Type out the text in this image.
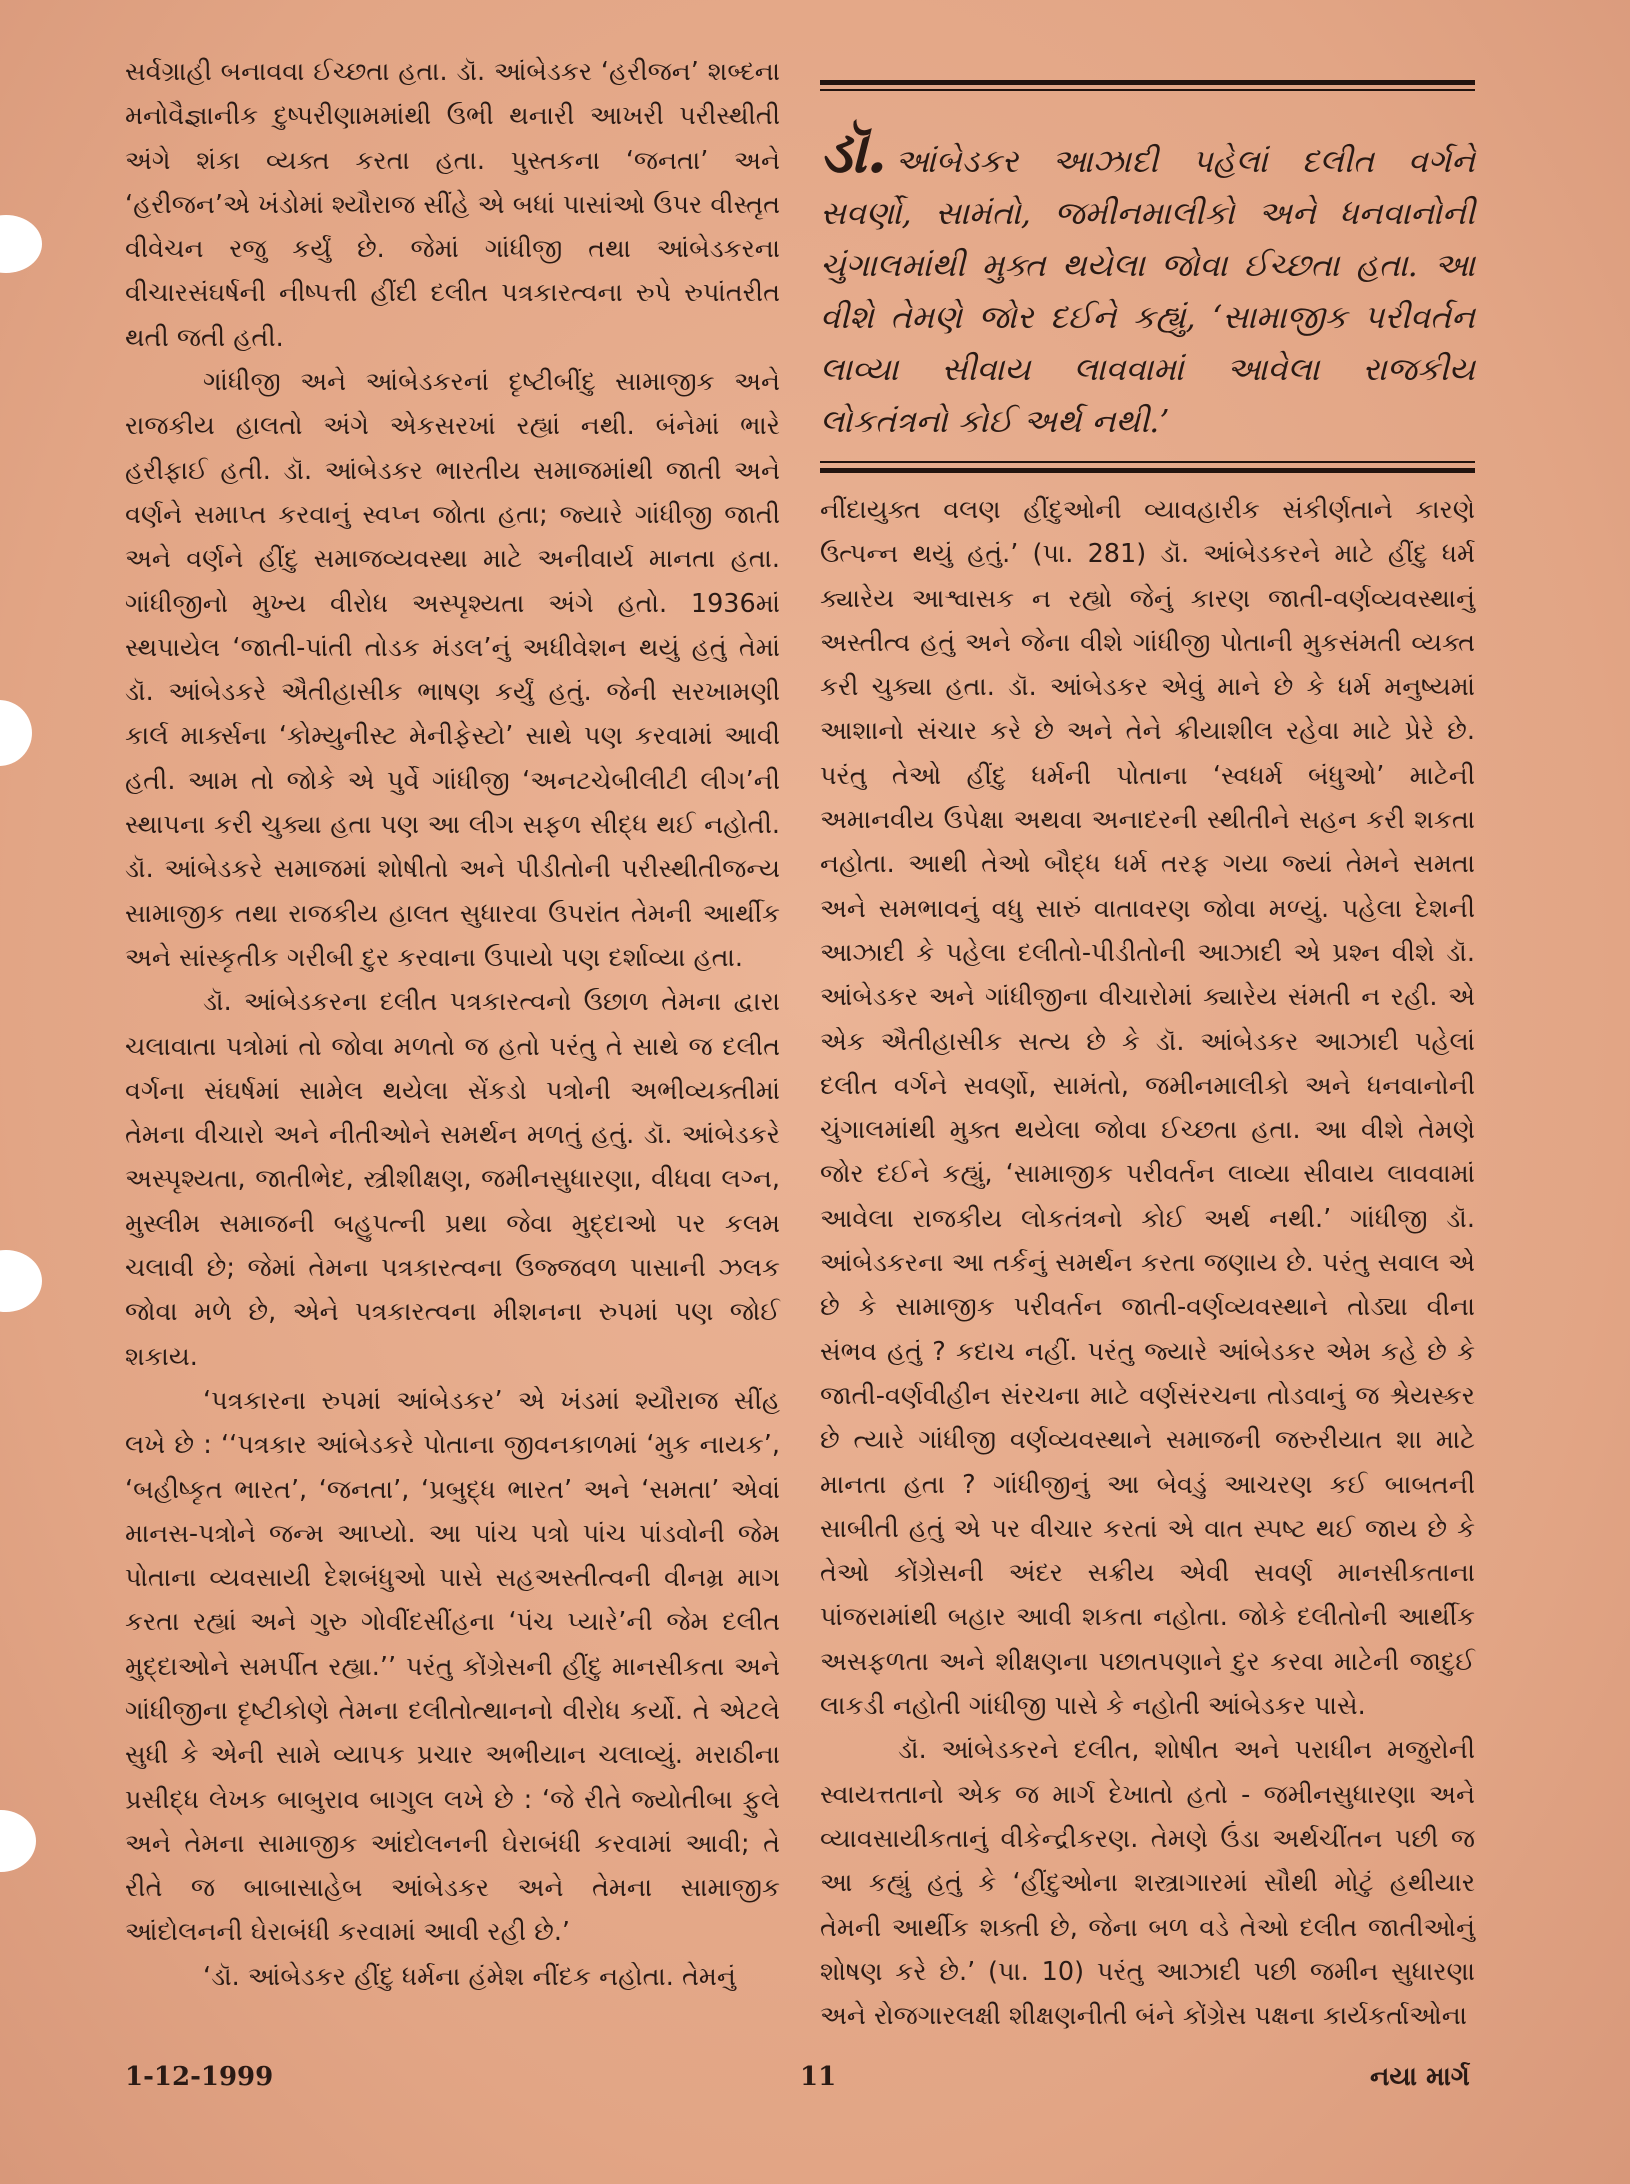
સર્વગ્રાહી બનાવવા ઈચ્છતા હતા. ડૉ. આંબેડકર ‘હરીજન’ શબ્દના મનોવૈજ્ઞાનીક દુષ્પરીણામમાંથી ઉભી થનારી આખરી પરીસ્થીતી અંગે શંકા વ્યક્ત કરતા હતા. પુસ્તકના ‘જનતા’ અને ‘હરીજન’એ ખંડોમાં શ્યૌરાજ સીંહે એ બધાં પાસાંઓ ઉપર વીસ્તૃત વીવેચન રજુ કર્યું છે. જેમાં ગાંધીજી તથા આંબેડકરના વીચારસંઘર્ષની નીષ્પત્તી હીંદી દલીત પત્રકારત્વના રુપે રુપાંતરીત થતી જતી હતી.

ગાંધીજી અને આંબેડકરનાં દૃષ્ટીબીંદુ સામાજીક અને રાજકીય હાલતો અંગે એકસરખાં રહ્યાં નથી. બંનેમાં ભારે હરીફાઈ હતી. ડૉ. આંબેડકર ભારતીય સમાજમાંથી જાતી અને વર્ણને સમાપ્ત કરવાનું સ્વપ્ન જોતા હતા; જ્યારે ગાંધીજી જાતી અને વર્ણને હીંદુ સમાજવ્યવસ્થા માટે અનીવાર્ય માનતા હતા. ગાંધીજીનો મુખ્ય વીરોધ અસ્પૃશ્યતા અંગે હતો. 1936માં સ્થપાયેલ ‘જાતી-પાંતી તોડક મંડલ’નું અધીવેશન થયું હતું તેમાં ડૉ. આંબેડકરે ઐતીહાસીક ભાષણ કર્યું હતું. જેની સરખામણી કાર્લ માર્ક્સના ‘કોમ્યુનીસ્ટ મેનીફેસ્ટો’ સાથે પણ કરવામાં આવી હતી. આમ તો જોકે એ પુર્વે ગાંધીજી ‘અનટચેબીલીટી લીગ’ની સ્થાપના કરી ચુક્યા હતા પણ આ લીગ સફળ સીદ્ધ થઈ નહોતી. ડૉ. આંબેડકરે સમાજમાં શોષીતો અને પીડીતોની પરીસ્થીતીજન્ય સામાજીક તથા રાજકીય હાલત સુધારવા ઉપરાંત તેમની આર્થીક અને સાંસ્કૃતીક ગરીબી દુર કરવાના ઉપાયો પણ દર્શાવ્યા હતા.

ડૉ. આંબેડકરના દલીત પત્રકારત્વનો ઉછાળ તેમના દ્વારા ચલાવાતા પત્રોમાં તો જોવા મળતો જ હતો પરંતુ તે સાથે જ દલીત વર્ગના સંઘર્ષમાં સામેલ થયેલા સેંકડો પત્રોની અભીવ્યક્તીમાં તેમના વીચારો અને નીતીઓને સમર્થન મળતું હતું. ડૉ. આંબેડકરે અસ્પૃશ્યતા, જાતીભેદ, સ્ત્રીશીક્ષણ, જમીનસુધારણા, વીધવા લગ્ન, મુસ્લીમ સમાજની બહુપત્ની પ્રથા જેવા મુદ્દાઓ પર કલમ ચલાવી છે; જેમાં તેમના પત્રકારત્વના ઉજ્જવળ પાસાની ઝલક જોવા મળે છે, એને પત્રકારત્વના મીશનના રુપમાં પણ જોઈ શકાય.

‘પત્રકારના રુપમાં આંબેડકર’ એ ખંડમાં શ્યૌરાજ સીંહ લખે છે : ‘‘પત્રકાર આંબેડકરે પોતાના જીવનકાળમાં ‘મુક નાયક’, ‘બહીષ્કૃત ભારત’, ‘જનતા’, ‘પ્રબુદ્ધ ભારત’ અને ‘સમતા’ એવાં માનસ-પત્રોને જન્મ આપ્યો. આ પાંચ પત્રો પાંચ પાંડવોની જેમ પોતાના વ્યવસાયી દેશબંધુઓ પાસે સહઅસ્તીત્વની વીનમ્ર માગ કરતા રહ્યાં અને ગુરુ ગોવીંદસીંહના ‘પંચ પ્યારે’ની જેમ દલીત મુદ્દાઓને સમર્પીત રહ્યા.’’ પરંતુ કોંગ્રેસની હીંદુ માનસીકતા અને ગાંધીજીના દૃષ્ટીકોણે તેમના દલીતોત્થાનનો વીરોધ કર્યો. તે એટલે સુધી કે એની સામે વ્યાપક પ્રચાર અભીયાન ચલાવ્યું. મરાઠીના પ્રસીદ્ધ લેખક બાબુરાવ બાગુલ લખે છે : ‘જે રીતે જ્યોતીબા ફુલે અને તેમના સામાજીક આંદોલનની ઘેરાબંધી કરવામાં આવી; તે રીતે જ બાબાસાહેબ આંબેડકર અને તેમના સામાજીક આંદોલનની ઘેરાબંધી કરવામાં આવી રહી છે.’

‘ડૉ. આંબેડકર હીંદુ ધર્મના હંમેશ નીંદક નહોતા. તેમનું

ડૉ. આંબેડકર આઝાદી પહેલાં દલીત વર્ગને સવર્ણો, સામંતો, જમીનમાલીકો અને ધનવાનોની ચુંગાલમાંથી મુક્ત થયેલા જોવા ઈચ્છતા હતા. આ વીશે તેમણે જોર દઈને કહ્યું, ‘સામાજીક પરીવર્તન લાવ્યા સીવાય લાવવામાં આવેલા રાજકીય લોકતંત્રનો કોઈ અર્થ નથી.’

નીંદાયુક્ત વલણ હીંદુઓની વ્યાવહારીક સંકીર્ણતાને કારણે ઉત્પન્ન થયું હતું.’ (પા. 281) ડૉ. આંબેડકરને માટે હીંદુ ધર્મ ક્યારેય આશ્વાસક ન રહ્યો જેનું કારણ જાતી-વર્ણવ્યવસ્થાનું અસ્તીત્વ હતું અને જેના વીશે ગાંધીજી પોતાની મુકસંમતી વ્યક્ત કરી ચુક્યા હતા. ડૉ. આંબેડકર એવું માને છે કે ધર્મ મનુષ્યમાં આશાનો સંચાર કરે છે અને તેને ક્રીયાશીલ રહેવા માટે પ્રેરે છે. પરંતુ તેઓ હીંદુ ધર્મની પોતાના ‘સ્વધર્મ બંધુઓ’ માટેની અમાનવીય ઉપેક્ષા અથવા અનાદરની સ્થીતીને સહન કરી શકતા નહોતા. આથી તેઓ બૌદ્ધ ધર્મ તરફ ગયા જ્યાં તેમને સમતા અને સમભાવનું વધુ સારું વાતાવરણ જોવા મળ્યું. પહેલા દેશની આઝાદી કે પહેલા દલીતો-પીડીતોની આઝાદી એ પ્રશ્ન વીશે ડૉ. આંબેડકર અને ગાંધીજીના વીચારોમાં ક્યારેય સંમતી ન રહી. એ એક ઐતીહાસીક સત્ય છે કે ડૉ. આંબેડકર આઝાદી પહેલાં દલીત વર્ગને સવર્ણો, સામંતો, જમીનમાલીકો અને ધનવાનોની ચુંગાલમાંથી મુક્ત થયેલા જોવા ઈચ્છતા હતા. આ વીશે તેમણે જોર દઈને કહ્યું, ‘સામાજીક પરીવર્તન લાવ્યા સીવાય લાવવામાં આવેલા રાજકીય લોકતંત્રનો કોઈ અર્થ નથી.’ ગાંધીજી ડૉ. આંબેડકરના આ તર્કનું સમર્થન કરતા જણાય છે. પરંતુ સવાલ એ છે કે સામાજીક પરીવર્તન જાતી-વર્ણવ્યવસ્થાને તોડ્યા વીના સંભવ હતું ? કદાચ નહીં. પરંતુ જ્યારે આંબેડકર એમ કહે છે કે જાતી-વર્ણવીહીન સંરચના માટે વર્ણસંરચના તોડવાનું જ શ્રેયસ્કર છે ત્યારે ગાંધીજી વર્ણવ્યવસ્થાને સમાજની જરુરીયાત શા માટે માનતા હતા ? ગાંધીજીનું આ બેવડું આચરણ કઈ બાબતની સાબીતી હતું એ પર વીચાર કરતાં એ વાત સ્પષ્ટ થઈ જાય છે કે તેઓ કોંગ્રેસની અંદર સક્રીય એવી સવર્ણ માનસીકતાના પાંજરામાંથી બહાર આવી શકતા નહોતા. જોકે દલીતોની આર્થીક અસફળતા અને શીક્ષણના પછાતપણાને દુર કરવા માટેની જાદુઈ લાકડી નહોતી ગાંધીજી પાસે કે નહોતી આંબેડકર પાસે.

ડૉ. આંબેડકરને દલીત, શોષીત અને પરાધીન મજુરોની સ્વાયત્તતાનો એક જ માર્ગ દેખાતો હતો - જમીનસુધારણા અને વ્યાવસાયીકતાનું વીકેન્દ્રીકરણ. તેમણે ઉંડા અર્થચીંતન પછી જ આ કહ્યું હતું કે ‘હીંદુઓના શસ્ત્રાગારમાં સૌથી મોટું હથીયાર તેમની આર્થીક શક્તી છે, જેના બળ વડે તેઓ દલીત જાતીઓનું શોષણ કરે છે.’ (પા. 10) પરંતુ આઝાદી પછી જમીન સુધારણા અને રોજગારલક્ષી શીક્ષણનીતી બંને કોંગ્રેસ પક્ષના કાર્યકર્તાઓના

1-12-1999	11	નયા માર્ગ
